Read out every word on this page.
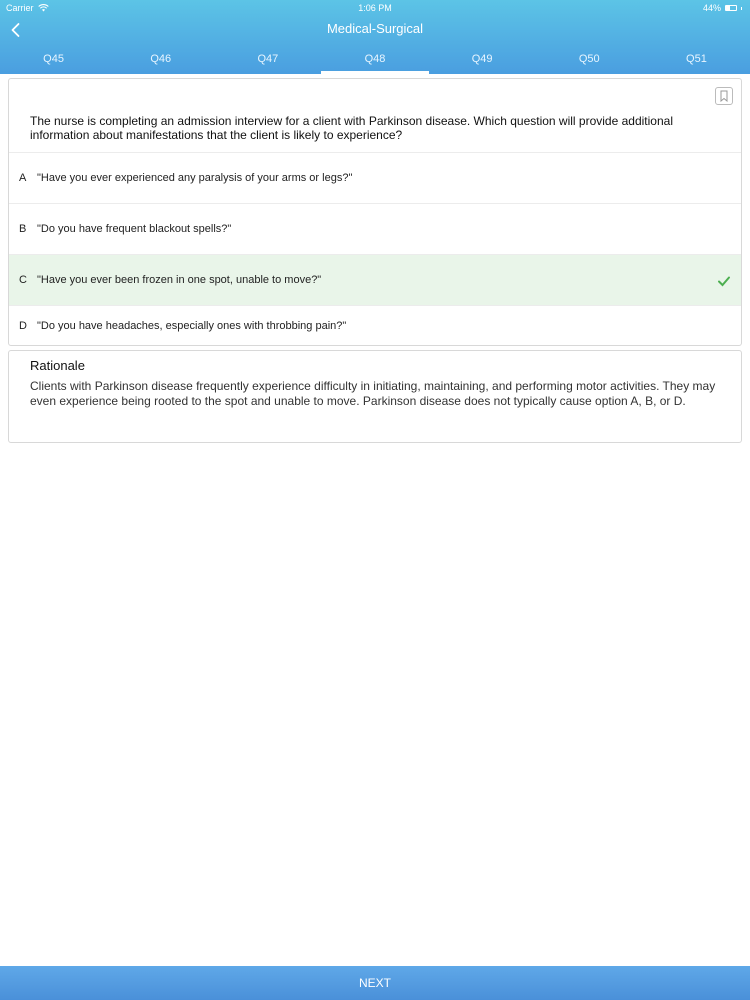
Carrier	1:06 PM	44%
Medical-Surgical
Q45	Q46	Q47	Q48	Q49	Q50	Q51
The nurse is completing an admission interview for a client with Parkinson disease. Which question will provide additional information about manifestations that the client is likely to experience?
A "Have you ever experienced any paralysis of your arms or legs?"
B "Do you have frequent blackout spells?"
C "Have you ever been frozen in one spot, unable to move?"
D "Do you have headaches, especially ones with throbbing pain?"
Rationale
Clients with Parkinson disease frequently experience difficulty in initiating, maintaining, and performing motor activities. They may even experience being rooted to the spot and unable to move. Parkinson disease does not typically cause option A, B, or D.
NEXT
